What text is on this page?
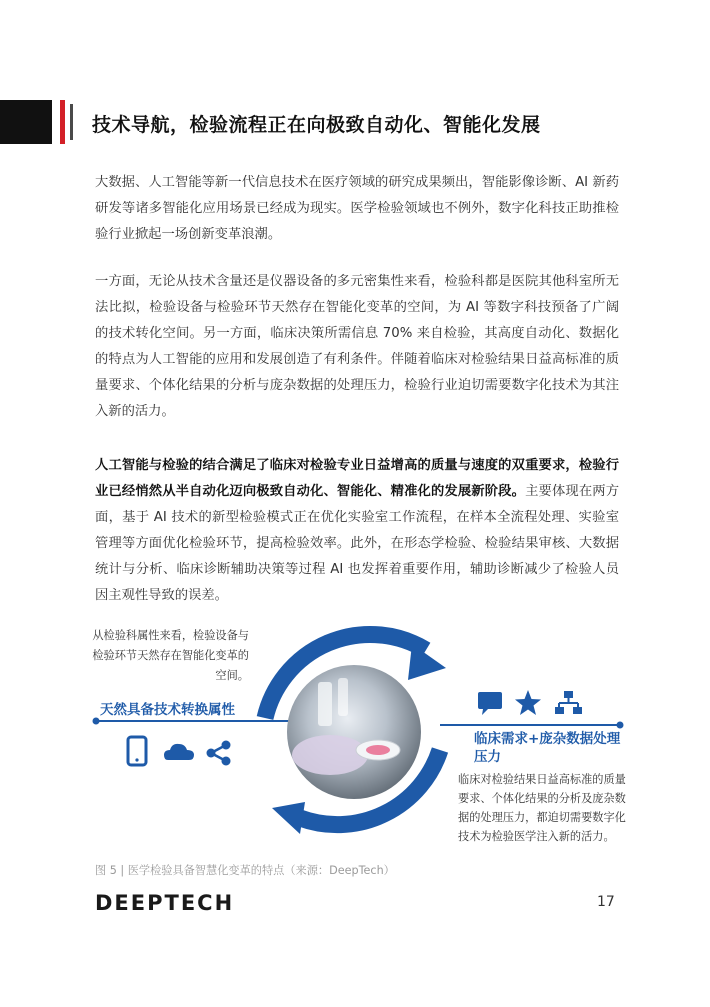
技术导航，检验流程正在向极致自动化、智能化发展

大数据、人工智能等新一代信息技术在医疗领域的研究成果频出，智能影像诊断、AI 新药研发等诸多智能化应用场景已经成为现实。医学检验领域也不例外，数字化科技正助推检验行业掀起一场创新变革浪潮。

一方面，无论从技术含量还是仪器设备的多元密集性来看，检验科都是医院其他科室所无法比拟，检验设备与检验环节天然存在智能化变革的空间，为 AI 等数字科技预备了广阔的技术转化空间。另一方面，临床决策所需信息 70% 来自检验，其高度自动化、数据化的特点为人工智能的应用和发展创造了有利条件。伴随着临床对检验结果日益高标准的质量要求、个体化结果的分析与庞杂数据的处理压力，检验行业迫切需要数字化技术为其注入新的活力。

人工智能与检验的结合满足了临床对检验专业日益增高的质量与速度的双重要求，检验行业已经悄然从半自动化迈向极致自动化、智能化、精准化的发展新阶段。主要体现在两方面，基于 AI 技术的新型检验模式正在优化实验室工作流程，在样本全流程处理、实验室管理等方面优化检验环节，提高检验效率。此外，在形态学检验、检验结果审核、大数据统计与分析、临床诊断辅助决策等过程 AI 也发挥着重要作用，辅助诊断减少了检验人员因主观性导致的误差。

从检验科属性来看，检验设备与检验环节天然存在智能化变革的空间。

天然具备技术转换属性

临床需求+庞杂数据处理压力

临床对检验结果日益高标准的质量要求、个体化结果的分析及庞杂数据的处理压力，都迫切需要数字化技术为检验医学注入新的活力。

图 5 | 医学检验具备智慧化变革的特点（来源：DeepTech）

DEEPTECH	17
